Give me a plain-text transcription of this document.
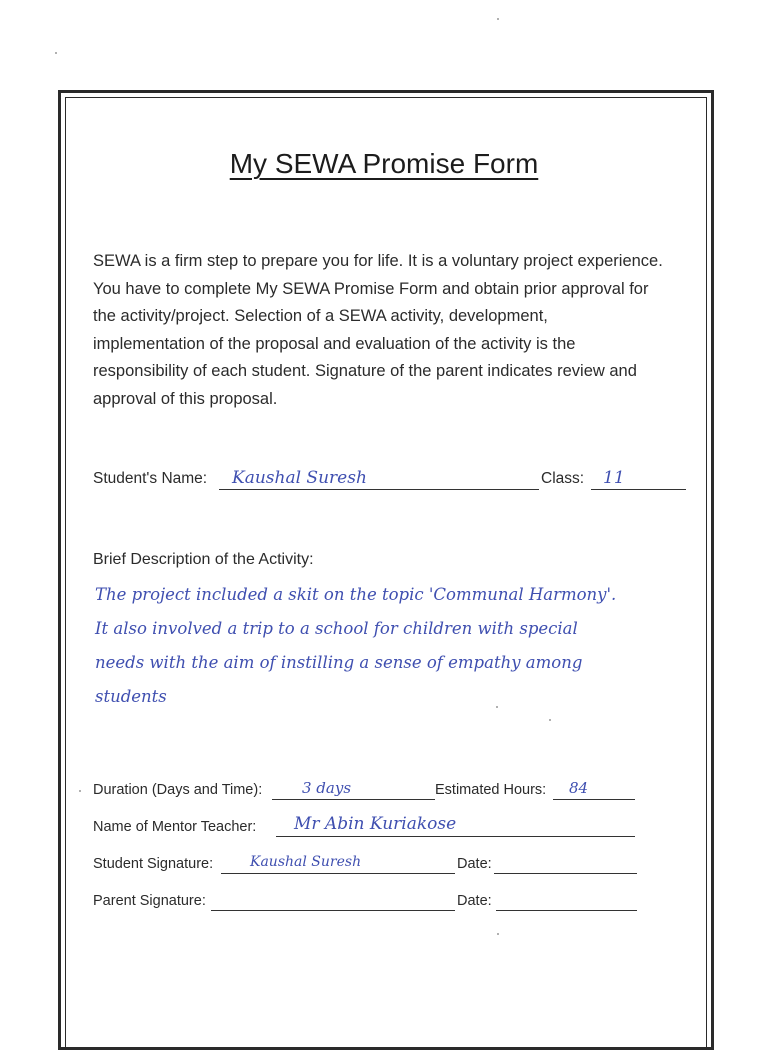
My SEWA Promise Form
SEWA is a firm step to prepare you for life. It is a voluntary project experience. You have to complete My SEWA Promise Form and obtain prior approval for the activity/project. Selection of a SEWA activity, development, implementation of the proposal and evaluation of the activity is the responsibility of each student. Signature of the parent indicates review and approval of this proposal.
Student's Name: Kaushal Suresh	Class: 11
Brief Description of the Activity:
The project included a skit on the topic 'Communal Harmony'.
It also involved a trip to a school for children with special
needs with the aim of instilling a sense of empathy among
students
Duration (Days and Time):	3 days	Estimated Hours: 84
Name of Mentor Teacher: Mr Abin Kuriakose
Student Signature:	Kaushal Suresh	Date:
Parent Signature:	Date:
